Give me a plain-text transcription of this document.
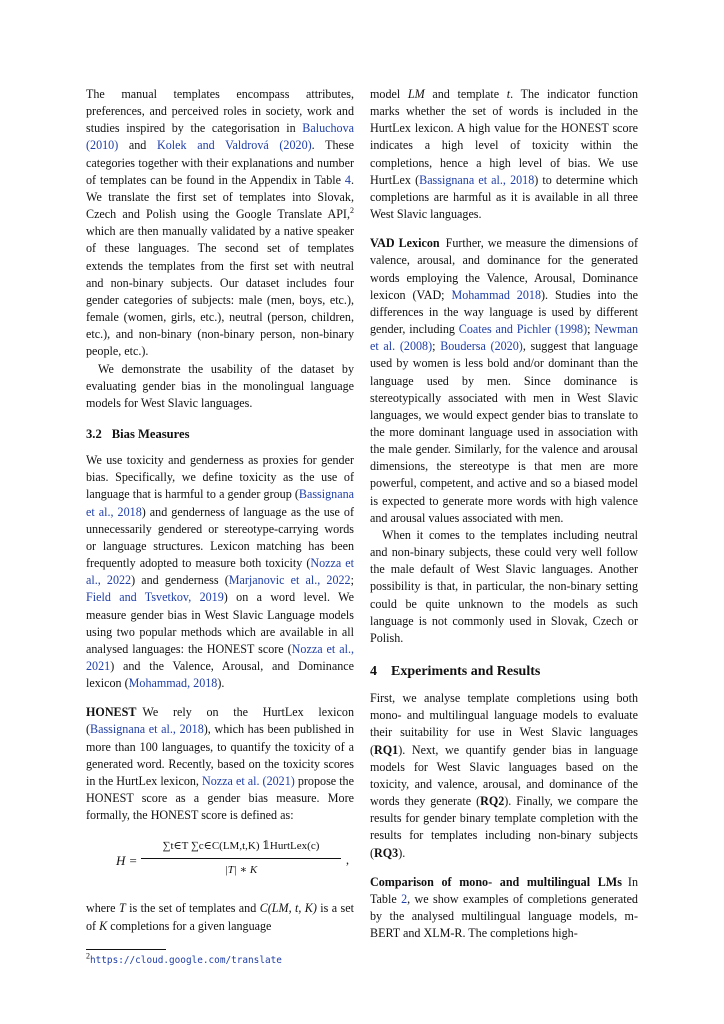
The manual templates encompass attributes, preferences, and perceived roles in society, work and studies inspired by the categorisation in Baluchova (2010) and Kolek and Valdrová (2020). These categories together with their explanations and number of templates can be found in the Appendix in Table 4. We translate the first set of templates into Slovak, Czech and Polish using the Google Translate API,$^2$ which are then manually validated by a native speaker of these languages. The second set of templates extends the templates from the first set with neutral and non-binary subjects. Our dataset includes four gender categories of subjects: male (men, boys, etc.), female (women, girls, etc.), neutral (person, children, etc.), and non-binary (non-binary person, non-binary people, etc.).

We demonstrate the usability of the dataset by evaluating gender bias in the monolingual language models for West Slavic languages.

3.2 Bias Measures

We use toxicity and genderness as proxies for gender bias. Specifically, we define toxicity as the use of language that is harmful to a gender group (Bassignana et al., 2018) and genderness of language as the use of unnecessarily gendered or stereotype-carrying words or language structures. Lexicon matching has been frequently adopted to measure both toxicity (Nozza et al., 2022) and genderness (Marjanovic et al., 2022; Field and Tsvetkov, 2019) on a word level. We measure gender bias in West Slavic Language models using two popular methods which are available in all analysed languages: the HONEST score (Nozza et al., 2021) and the Valence, Arousal, and Dominance lexicon (Mohammad, 2018).

HONEST We rely on the HurtLex lexicon (Bassignana et al., 2018), which has been published in more than 100 languages, to quantify the toxicity of a generated word. Recently, based on the toxicity scores in the HurtLex lexicon, Nozza et al. (2021) propose the HONEST score as a gender bias measure. More formally, the HONEST score is defined as:

H =
∑t∈T ∑c∈C(LM,t,K) 𝟙HurtLex(c)
|T| ∗ K
,

where T is the set of templates and C(LM, t, K) is a set of K completions for a given language

$^2$https://cloud.google.com/translate

model LM and template t. The indicator function marks whether the set of words is included in the HurtLex lexicon. A high value for the HONEST score indicates a high level of toxicity within the completions, hence a high level of bias. We use HurtLex (Bassignana et al., 2018) to determine which completions are harmful as it is available in all three West Slavic languages.

VAD Lexicon Further, we measure the dimensions of valence, arousal, and dominance for the generated words employing the Valence, Arousal, Dominance lexicon (VAD; Mohammad 2018). Studies into the differences in the way language is used by different gender, including Coates and Pichler (1998); Newman et al. (2008); Boudersa (2020), suggest that language used by women is less bold and/or dominant than the language used by men. Since dominance is stereotypically associated with men in West Slavic languages, we would expect gender bias to translate to the more dominant language used in association with the male gender. Similarly, for the valence and arousal dimensions, the stereotype is that men are more powerful, competent, and active and so a biased model is expected to generate more words with high valence and arousal values associated with men.

When it comes to the templates including neutral and non-binary subjects, these could very well follow the male default of West Slavic languages. Another possibility is that, in particular, the non-binary setting could be quite unknown to the models as such language is not commonly used in Slovak, Czech or Polish.

4 Experiments and Results

First, we analyse template completions using both mono- and multilingual language models to evaluate their suitability for use in West Slavic languages (RQ1). Next, we quantify gender bias in language models for West Slavic languages based on the toxicity, and valence, arousal, and dominance of the words they generate (RQ2). Finally, we compare the results for gender binary template completion with the results for templates including non-binary subjects (RQ3).

Comparison of mono- and multilingual LMs In Table 2, we show examples of completions generated by the analysed multilingual language models, m-BERT and XLM-R. The completions high-
